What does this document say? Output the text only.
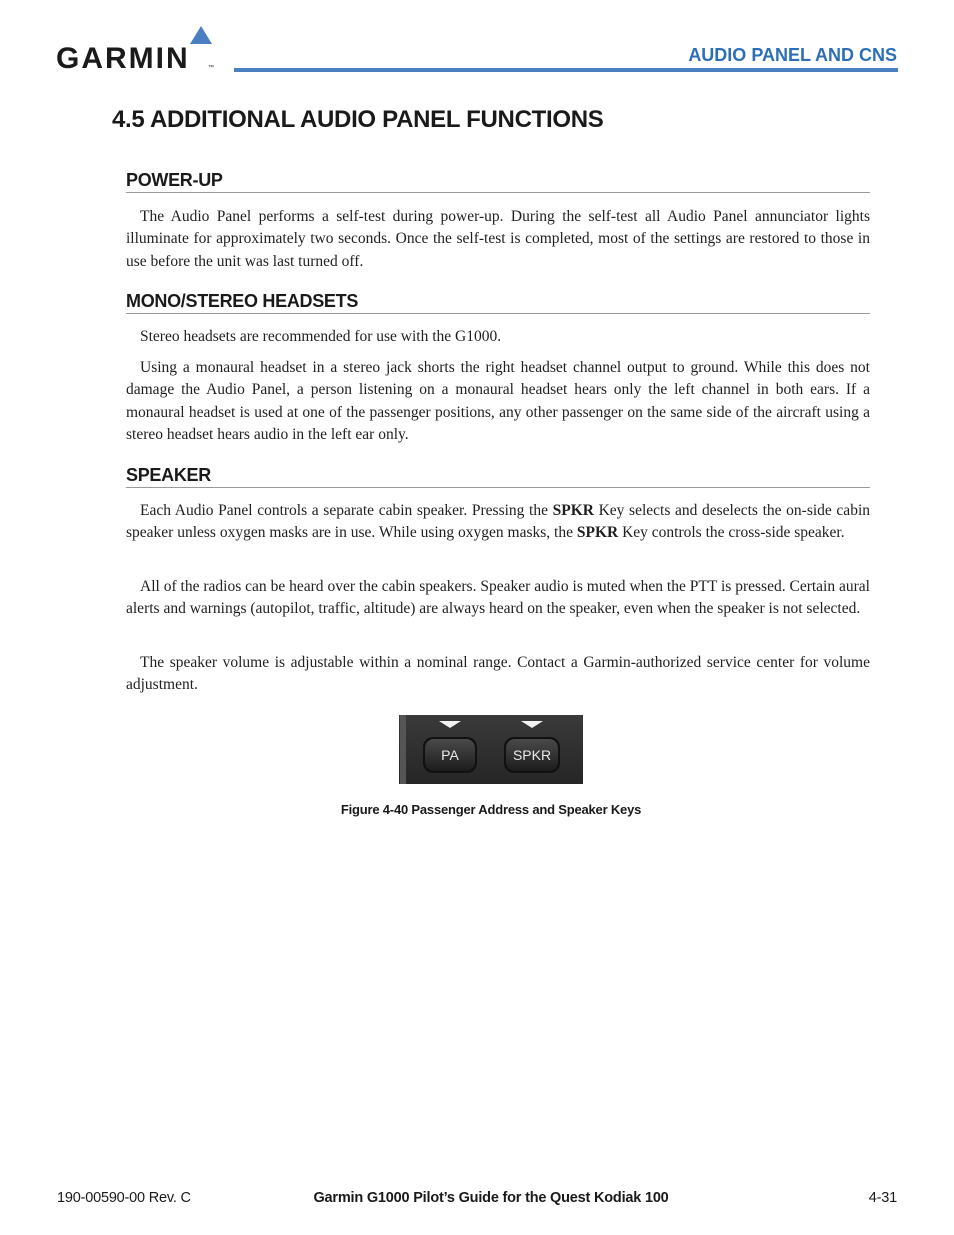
GARMIN	™
AUDIO PANEL AND CNS
4.5 ADDITIONAL AUDIO PANEL FUNCTIONS
POWER-UP

The Audio Panel performs a self-test during power-up. During the self-test all Audio Panel annunciator lights illuminate for approximately two seconds. Once the self-test is completed, most of the settings are restored to those in use before the unit was last turned off.

MONO/STEREO HEADSETS

Stereo headsets are recommended for use with the G1000.

Using a monaural headset in a stereo jack shorts the right headset channel output to ground. While this does not damage the Audio Panel, a person listening on a monaural headset hears only the left channel in both ears. If a monaural headset is used at one of the passenger positions, any other passenger on the same side of the aircraft using a stereo headset hears audio in the left ear only.

SPEAKER

Each Audio Panel controls a separate cabin speaker. Pressing the SPKR Key selects and deselects the on-side cabin speaker unless oxygen masks are in use. While using oxygen masks, the SPKR Key controls the cross-side speaker.

All of the radios can be heard over the cabin speakers. Speaker audio is muted when the PTT is pressed. Certain aural alerts and warnings (autopilot, traffic, altitude) are always heard on the speaker, even when the speaker is not selected.

The speaker volume is adjustable within a nominal range. Contact a Garmin-authorized service center for volume adjustment.

PA	SPKR
Figure 4-40 Passenger Address and Speaker Keys
190-00590-00 Rev. C	Garmin G1000 Pilot’s Guide for the Quest Kodiak 100	4-31
